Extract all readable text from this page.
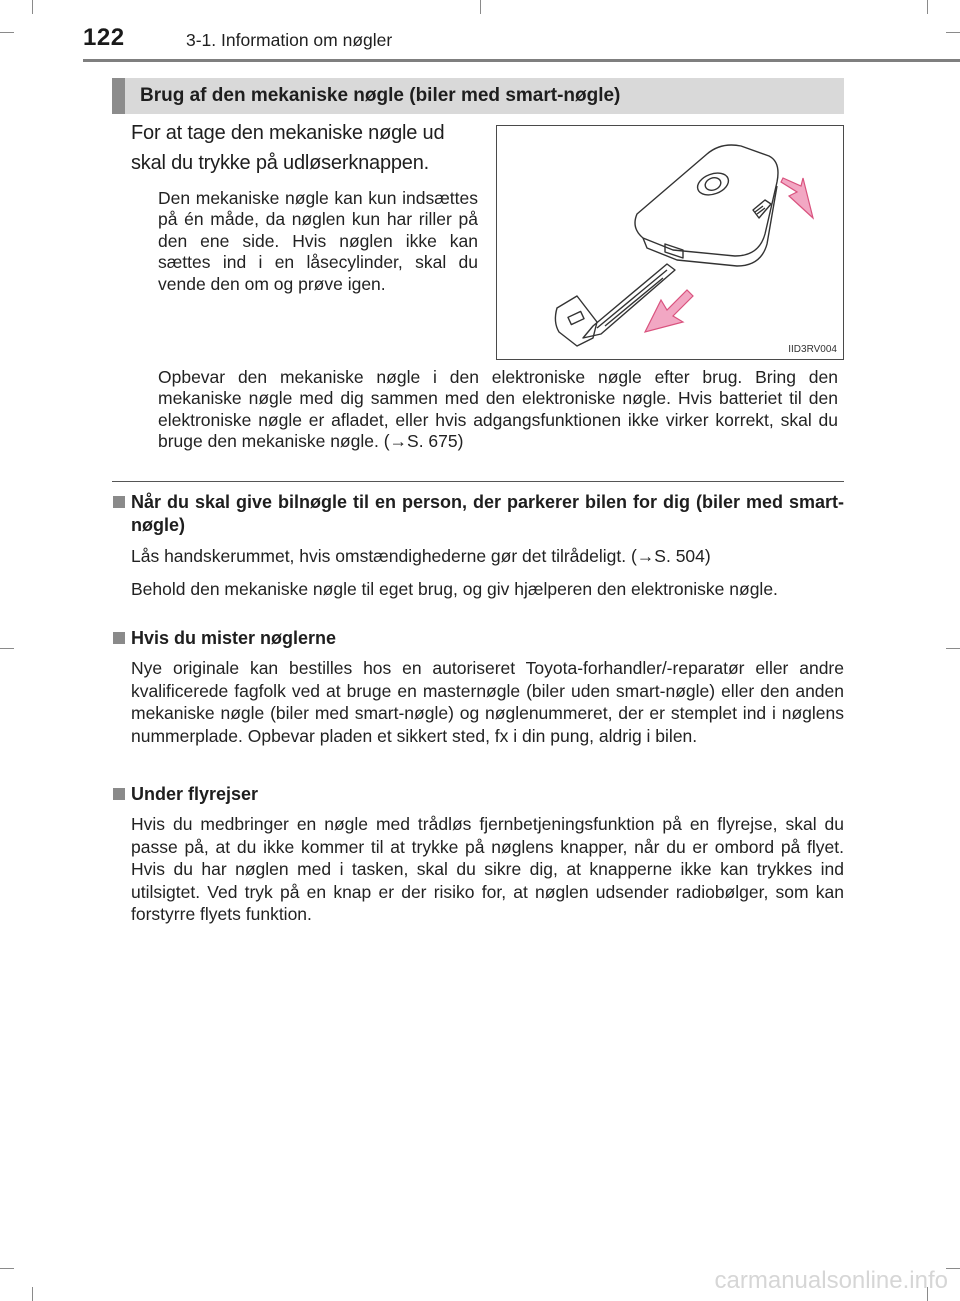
122	3-1. Information om nøgler
Brug af den mekaniske nøgle (biler med smart-nøgle)
For at tage den mekaniske nøgle ud skal du trykke på udløserknappen.
Den mekaniske nøgle kan kun indsættes på én måde, da nøglen kun har riller på den ene side. Hvis nøglen ikke kan sættes ind i en låsecylinder, skal du vende den om og prøve igen.
IID3RV004
Opbevar den mekaniske nøgle i den elektroniske nøgle efter brug. Bring den mekaniske nøgle med dig sammen med den elektroniske nøgle. Hvis batteriet til den elektroniske nøgle er afladet, eller hvis adgangsfunktionen ikke virker korrekt, skal du bruge den mekaniske nøgle. (→S. 675)
Når du skal give bilnøgle til en person, der parkerer bilen for dig (biler med smart-nøgle)
Lås handskerummet, hvis omstændighederne gør det tilrådeligt. (→S. 504)
Behold den mekaniske nøgle til eget brug, og giv hjælperen den elektroniske nøgle.
Hvis du mister nøglerne
Nye originale kan bestilles hos en autoriseret Toyota-forhandler/-reparatør eller andre kvalificerede fagfolk ved at bruge en masternøgle (biler uden smart-nøgle) eller den anden mekaniske nøgle (biler med smart-nøgle) og nøglenummeret, der er stemplet ind i nøglens nummerplade. Opbevar pladen et sikkert sted, fx i din pung, aldrig i bilen.
Under flyrejser
Hvis du medbringer en nøgle med trådløs fjernbetjeningsfunktion på en flyrejse, skal du passe på, at du ikke kommer til at trykke på nøglens knapper, når du er ombord på flyet. Hvis du har nøglen med i tasken, skal du sikre dig, at knapperne ikke kan trykkes ind utilsigtet. Ved tryk på en knap er der risiko for, at nøglen udsender radiobølger, som kan forstyrre flyets funktion.
carmanualsonline.info
